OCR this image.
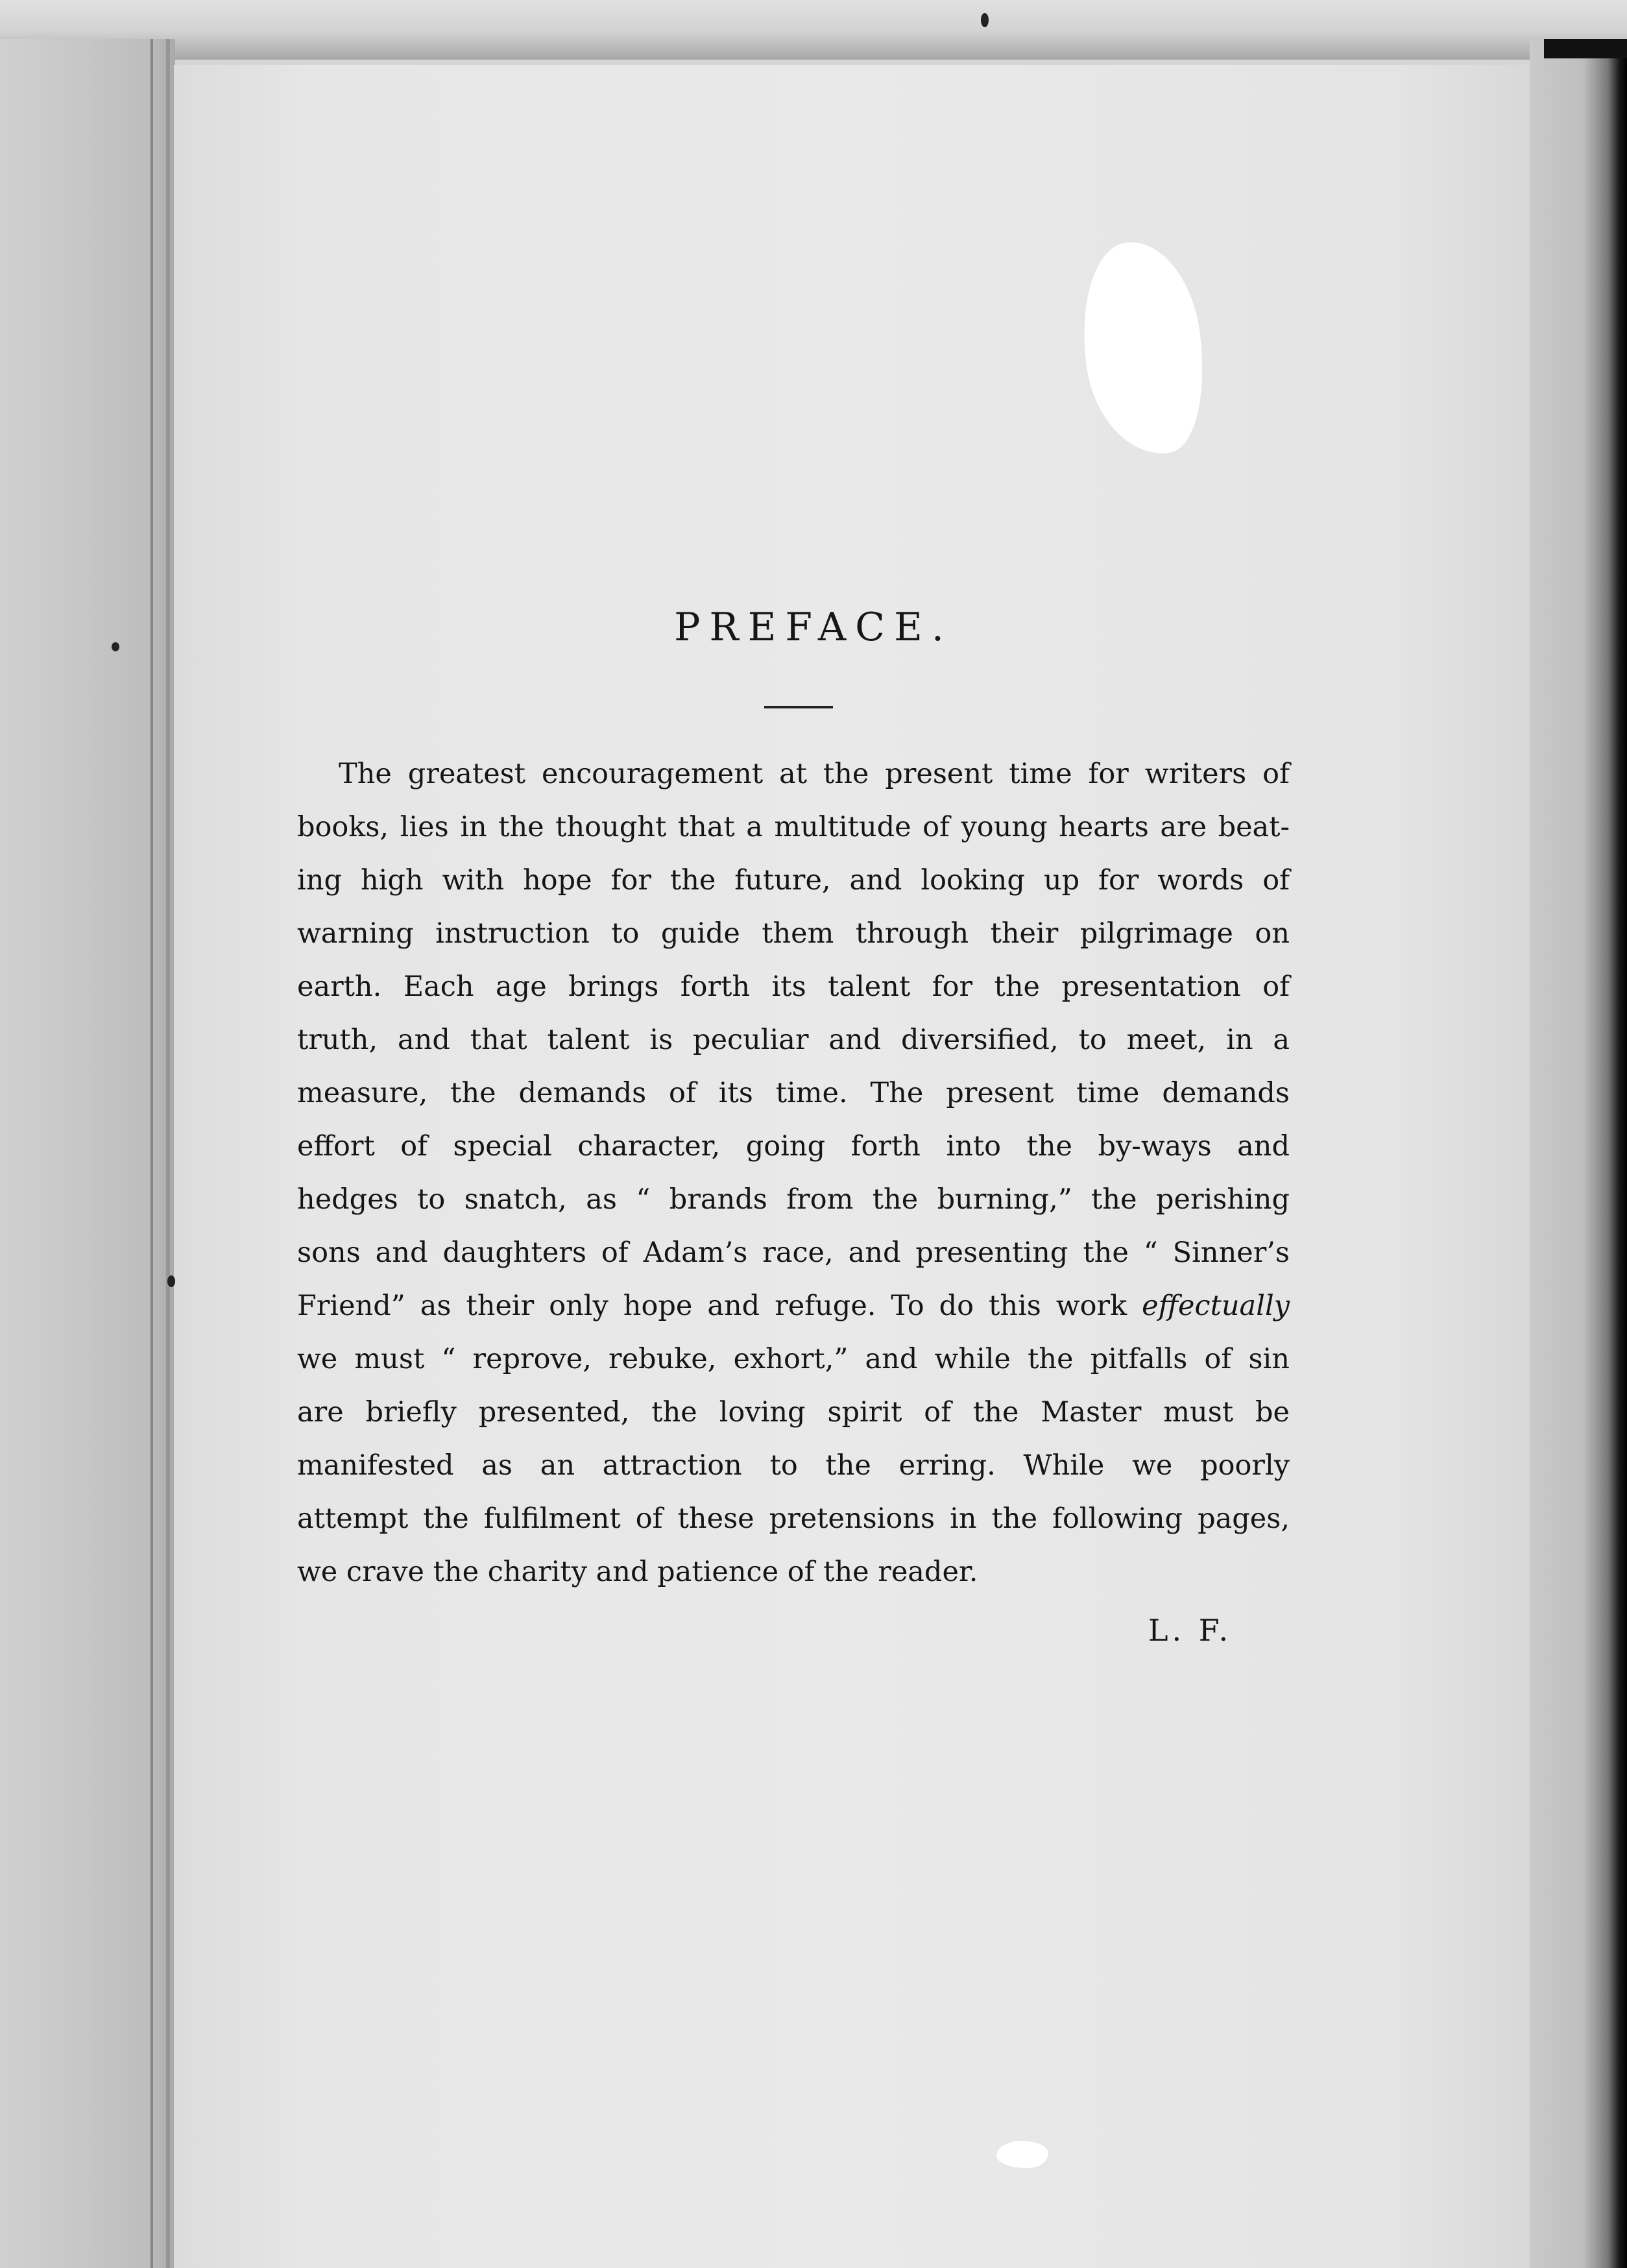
PREFACE.
The greatest encouragement at the present time for writers of
books, lies in the thought that a multitude of young hearts are beat-
ing high with hope for the future, and looking up for words of
warning instruction to guide them through their pilgrimage on
earth. Each age brings forth its talent for the presentation of
truth, and that talent is peculiar and diversified, to meet, in a
measure, the demands of its time. The present time demands
effort of special character, going forth into the by-ways and
hedges to snatch, as “ brands from the burning,” the perishing
sons and daughters of Adam’s race, and presenting the “ Sinner’s
Friend” as their only hope and refuge. To do this work effectually
we must “ reprove, rebuke, exhort,” and while the pitfalls of sin
are briefly presented, the loving spirit of the Master must be
manifested as an attraction to the erring. While we poorly
attempt the fulfilment of these pretensions in the following pages,
we crave the charity and patience of the reader.
L. F.
